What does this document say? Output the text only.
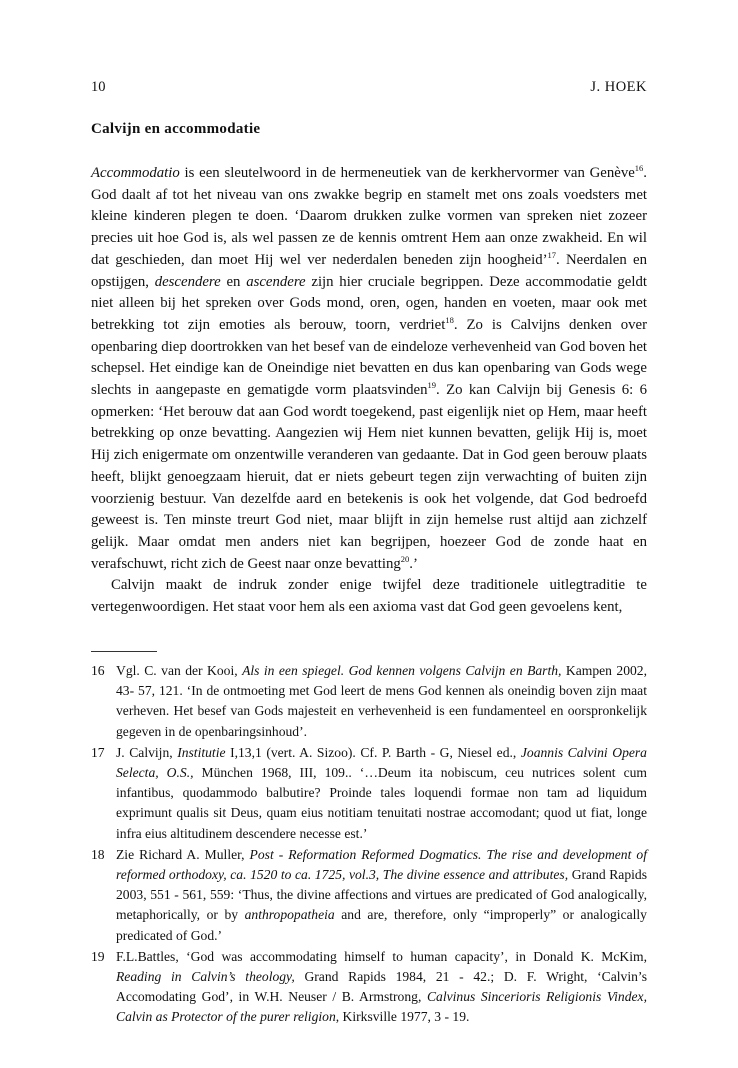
10	J. HOEK
Calvijn en accommodatie

Accommodatio is een sleutelwoord in de hermeneutiek van de kerkhervormer van Genève$^{16}$. God daalt af tot het niveau van ons zwakke begrip en stamelt met ons zoals voedsters met kleine kinderen plegen te doen. ‘Daarom drukken zulke vormen van spreken niet zozeer precies uit hoe God is, als wel passen ze de kennis omtrent Hem aan onze zwakheid. En wil dat geschieden, dan moet Hij wel ver nederdalen beneden zijn hoogheid’$^{17}$. Neerdalen en opstijgen, descendere en ascendere zijn hier cruciale begrippen. Deze accommodatie geldt niet alleen bij het spreken over Gods mond, oren, ogen, handen en voeten, maar ook met betrekking tot zijn emoties als berouw, toorn, verdriet$^{18}$. Zo is Calvijns denken over openbaring diep doortrokken van het besef van de eindeloze verhevenheid van God boven het schepsel. Het eindige kan de Oneindige niet bevatten en dus kan openbaring van Gods wege slechts in aangepaste en gematigde vorm plaatsvinden$^{19}$. Zo kan Calvijn bij Genesis 6: 6 opmerken: ‘Het berouw dat aan God wordt toegekend, past eigenlijk niet op Hem, maar heeft betrekking op onze bevatting. Aangezien wij Hem niet kunnen bevatten, gelijk Hij is, moet Hij zich enigermate om onzentwille veranderen van gedaante. Dat in God geen berouw plaats heeft, blijkt genoegzaam hieruit, dat er niets gebeurt tegen zijn verwachting of buiten zijn voorzienig bestuur. Van dezelfde aard en betekenis is ook het volgende, dat God bedroefd geweest is. Ten minste treurt God niet, maar blijft in zijn hemelse rust altijd aan zichzelf gelijk. Maar omdat men anders niet kan begrijpen, hoezeer God de zonde haat en verafschuwt, richt zich de Geest naar onze bevatting$^{20}$.’

Calvijn maakt de indruk zonder enige twijfel deze traditionele uitlegtraditie te vertegenwoordigen. Het staat voor hem als een axioma vast dat God geen gevoelens kent,

16 Vgl. C. van der Kooi, Als in een spiegel. God kennen volgens Calvijn en Barth, Kampen 2002, 43- 57, 121. ‘In de ontmoeting met God leert de mens God kennen als oneindig boven zijn maat verheven. Het besef van Gods majesteit en verhevenheid is een fundamenteel en oorspronkelijk gegeven in de openbaringsinhoud’.
17 J. Calvijn, Institutie I,13,1 (vert. A. Sizoo). Cf. P. Barth - G, Niesel ed., Joannis Calvini Opera Selecta, O.S., München 1968, III, 109.. ‘…Deum ita nobiscum, ceu nutrices solent cum infantibus, quodammodo balbutire? Proinde tales loquendi formae non tam ad liquidum exprimunt qualis sit Deus, quam eius notitiam tenuitati nostrae accomodant; quod ut fiat, longe infra eius altitudinem descendere necesse est.’
18 Zie Richard A. Muller, Post - Reformation Reformed Dogmatics. The rise and development of reformed orthodoxy, ca. 1520 to ca. 1725, vol.3, The divine essence and attributes, Grand Rapids 2003, 551 - 561, 559: ‘Thus, the divine affections and virtues are predicated of God analogically, metaphorically, or by anthropopatheia and are, therefore, only “improperly” or analogically predicated of God.’
19 F.L.Battles, ‘God was accommodating himself to human capacity’, in Donald K. McKim, Reading in Calvin’s theology, Grand Rapids 1984, 21 - 42.; D. F. Wright, ‘Calvin’s Accomodating God’, in W.H. Neuser / B. Armstrong, Calvinus Sincerioris Religionis Vindex, Calvin as Protector of the purer religion, Kirksville 1977, 3 - 19.
